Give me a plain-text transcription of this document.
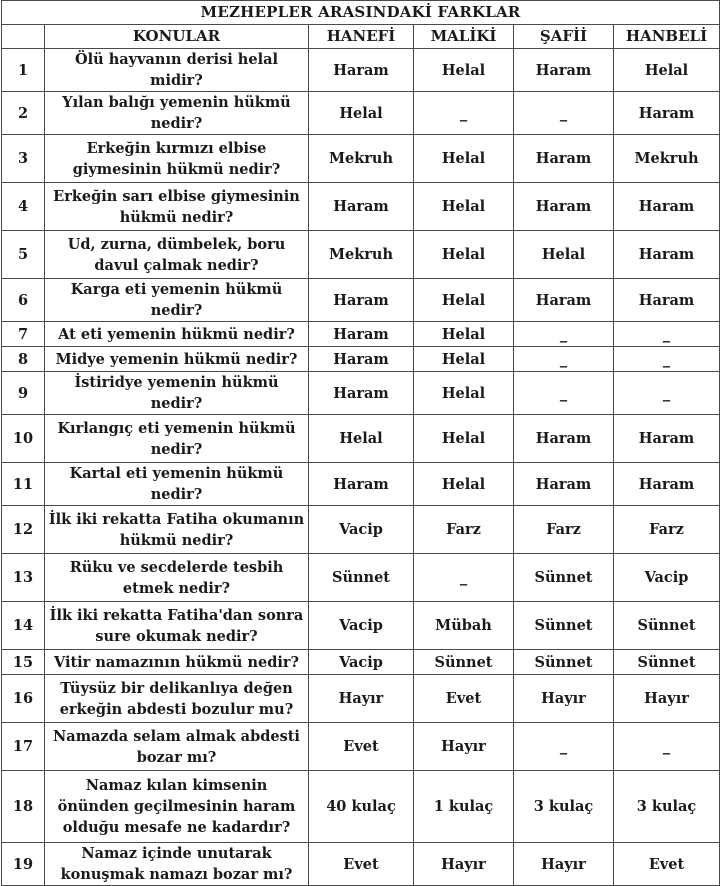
MEZHEPLER ARASINDAKİ FARKLAR					
	KONULAR	HANEFİ	MALİKİ	ŞAFİİ	HANBELİ
1	Ölü hayvanın derisi helal midir?	Haram	Helal	Haram	Helal
2	Yılan balığı yemenin hükmü nedir?	Helal	_	_	Haram
3	Erkeğin kırmızı elbise giymesinin hükmü nedir?	Mekruh	Helal	Haram	Mekruh
4	Erkeğin sarı elbise giymesinin hükmü nedir?	Haram	Helal	Haram	Haram
5	Ud, zurna, dümbelek, boru davul çalmak nedir?	Mekruh	Helal	Helal	Haram
6	Karga eti yemenin hükmü nedir?	Haram	Helal	Haram	Haram
7	At eti yemenin hükmü nedir?	Haram	Helal	_	_
8	Midye yemenin hükmü nedir?	Haram	Helal	_	_
9	İstiridye yemenin hükmü nedir?	Haram	Helal	_	_
10	Kırlangıç eti yemenin hükmü nedir?	Helal	Helal	Haram	Haram
11	Kartal eti yemenin hükmü nedir?	Haram	Helal	Haram	Haram
12	İlk iki rekatta Fatiha okumanın hükmü nedir?	Vacip	Farz	Farz	Farz
13	Rüku ve secdelerde tesbih etmek nedir?	Sünnet	_	Sünnet	Vacip
14	İlk iki rekatta Fatiha'dan sonra sure okumak nedir?	Vacip	Mübah	Sünnet	Sünnet
15	Vitir namazının hükmü nedir?	Vacip	Sünnet	Sünnet	Sünnet
16	Tüysüz bir delikanlıya değen erkeğin abdesti bozulur mu?	Hayır	Evet	Hayır	Hayır
17	Namazda selam almak abdesti bozar mı?	Evet	Hayır	_	_
18	Namaz kılan kimsenin önünden geçilmesinin haram olduğu mesafe ne kadardır?	40 kulaç	1 kulaç	3 kulaç	3 kulaç
19	Namaz içinde unutarak konuşmak namazı bozar mı?	Evet	Hayır	Hayır	Evet
